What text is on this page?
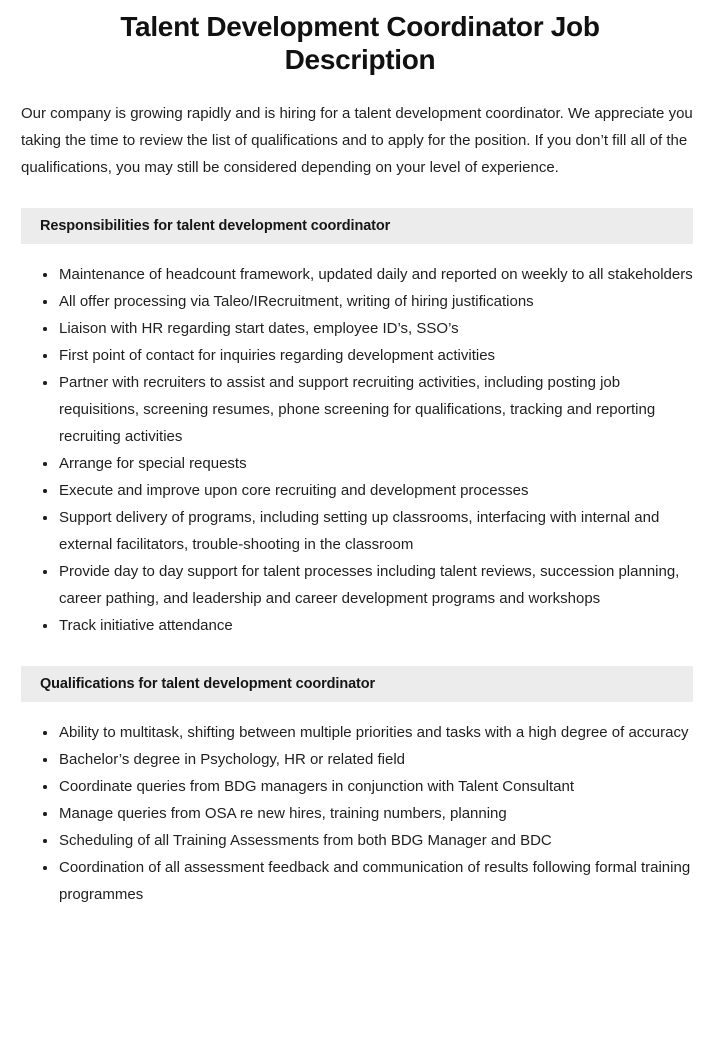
Talent Development Coordinator Job Description

Our company is growing rapidly and is hiring for a talent development coordinator. We appreciate you taking the time to review the list of qualifications and to apply for the position. If you don’t fill all of the qualifications, you may still be considered depending on your level of experience.

Responsibilities for talent development coordinator
Maintenance of headcount framework, updated daily and reported on weekly to all stakeholders
All offer processing via Taleo/IRecruitment, writing of hiring justifications
Liaison with HR regarding start dates, employee ID’s, SSO’s
First point of contact for inquiries regarding development activities
Partner with recruiters to assist and support recruiting activities, including posting job requisitions, screening resumes, phone screening for qualifications, tracking and reporting recruiting activities
Arrange for special requests
Execute and improve upon core recruiting and development processes
Support delivery of programs, including setting up classrooms, interfacing with internal and external facilitators, trouble-shooting in the classroom
Provide day to day support for talent processes including talent reviews, succession planning, career pathing, and leadership and career development programs and workshops
Track initiative attendance
Qualifications for talent development coordinator
Ability to multitask, shifting between multiple priorities and tasks with a high degree of accuracy
Bachelor’s degree in Psychology, HR or related field
Coordinate queries from BDG managers in conjunction with Talent Consultant
Manage queries from OSA re new hires, training numbers, planning
Scheduling of all Training Assessments from both BDG Manager and BDC
Coordination of all assessment feedback and communication of results following formal training programmes
